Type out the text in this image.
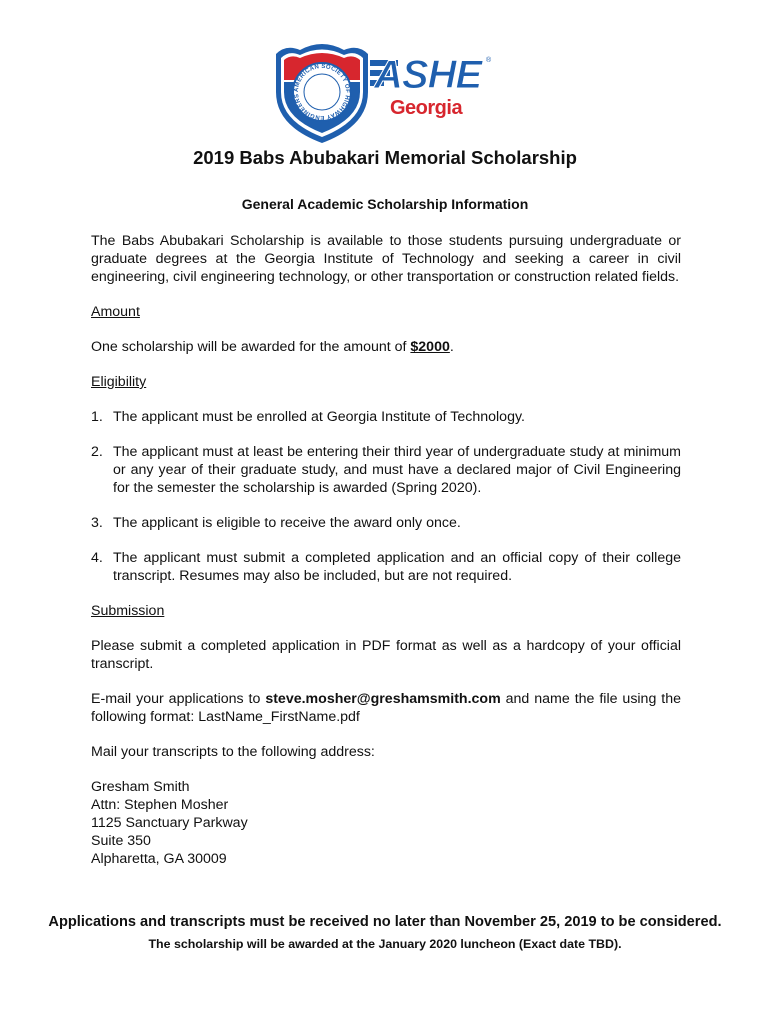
AMERICAN SOCIETY OF HIGHWAY ENGINEERS	ASHE ®
Georgia
2019 Babs Abubakari Memorial Scholarship
General Academic Scholarship Information

The Babs Abubakari Scholarship is available to those students pursuing undergraduate or graduate degrees at the Georgia Institute of Technology and seeking a career in civil engineering, civil engineering technology, or other transportation or construction related fields.

Amount

One scholarship will be awarded for the amount of $2000.

Eligibility

1. The applicant must be enrolled at Georgia Institute of Technology.
2. The applicant must at least be entering their third year of undergraduate study at minimum or any year of their graduate study, and must have a declared major of Civil Engineering for the semester the scholarship is awarded (Spring 2020).
3. The applicant is eligible to receive the award only once.
4. The applicant must submit a completed application and an official copy of their college transcript. Resumes may also be included, but are not required.

Submission

Please submit a completed application in PDF format as well as a hardcopy of your official transcript.

E-mail your applications to steve.mosher@greshamsmith.com and name the file using the following format: LastName_FirstName.pdf

Mail your transcripts to the following address:

Gresham Smith
Attn: Stephen Mosher
1125 Sanctuary Parkway
Suite 350
Alpharetta, GA 30009

Applications and transcripts must be received no later than November 25, 2019 to be considered.

The scholarship will be awarded at the January 2020 luncheon (Exact date TBD).
